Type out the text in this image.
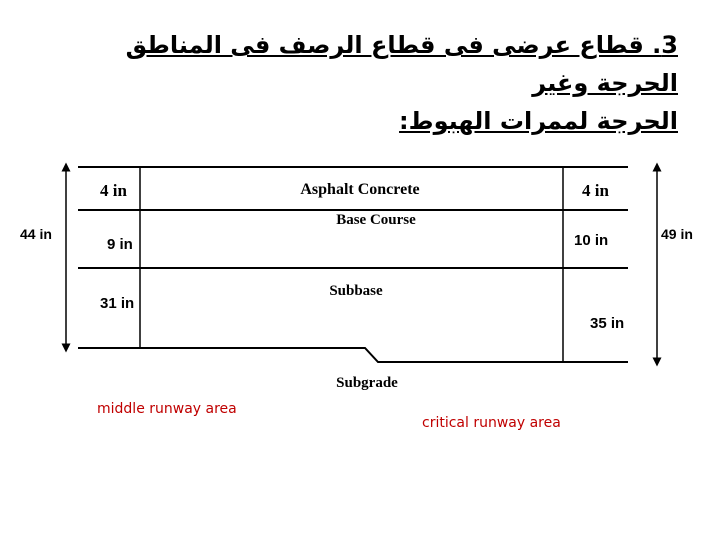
3. قطاع عرضى فى قطاع الرصف فى المناطق الحرجة وغير
الحرجة لممرات الهبوط:
4 in
9 in
31 in
44 in
4 in
10 in
35 in
49 in
Asphalt Concrete
Base Course
Subbase
Subgrade
middle runway area
critical runway area
